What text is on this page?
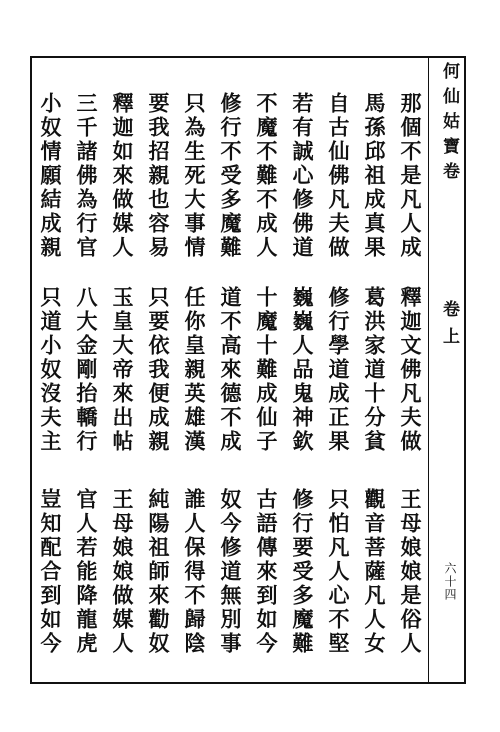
何仙姑寶卷
卷上
六十四
那個不是凡人成
釋迦文佛凡夫做
王母娘娘是俗人
馬孫邱祖成真果
葛洪家道十分貧
觀音菩薩凡人女
自古仙佛凡夫做
修行學道成正果
只怕凡人心不堅
若有誠心修佛道
巍巍人品鬼神欽
修行要受多魔難
不魔不難不成人
十魔十難成仙子
古語傳來到如今
修行不受多魔難
道不高來德不成
奴今修道無別事
只為生死大事情
任你皇親英雄漢
誰人保得不歸陰
要我招親也容易
只要依我便成親
純陽祖師來勸奴
釋迦如來做媒人
玉皇大帝來出帖
王母娘娘做媒人
三千諸佛為行官
八大金剛抬轎行
官人若能降龍虎
小奴情願結成親
只道小奴沒夫主
豈知配合到如今
